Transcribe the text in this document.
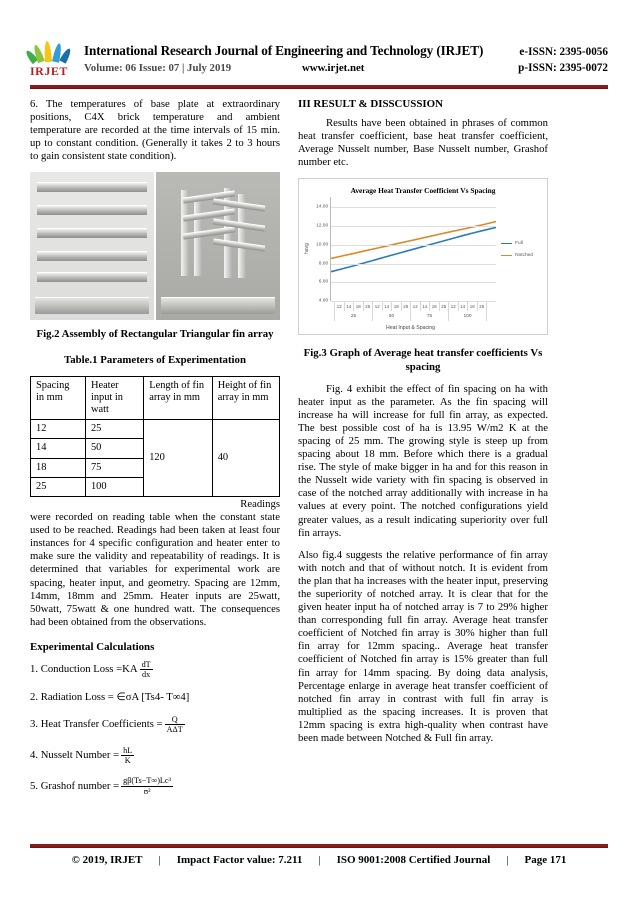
IRJET
International Research Journal of Engineering and Technology (IRJET)	e-ISSN: 2395-0056
Volume: 06 Issue: 07 | July 2019	www.irjet.net	p-ISSN: 2395-0072

6. The temperatures of base plate at extraordinary positions, C4X brick temperature and ambient temperature are recorded at the time intervals of 15 min. up to constant condition. (Generally it takes 2 to 3 hours to gain consistent state condition).

Fig.2 Assembly of Rectangular Triangular fin array

Table.1 Parameters of Experimentation

Spacing in mm	Heater input in watt	Length of fin array in mm	Height of fin array in mm
12	25	120	40
14	50		
18	75		
25	100		

Readings

were recorded on reading table when the constant state used to be reached. Readings had been taken at least four instances for 4 specific configuration and heater enter to make sure the validity and repeatability of readings. It is determined that variables for experimental work are spacing, heater input, and geometry. Spacing are 12mm, 14mm, 18mm and 25mm. Heater inputs are 25watt, 50watt, 75watt & one hundred watt. The consequences had been obtained from the observations.

Experimental Calculations

1. Conduction Loss $=KA \frac{dT}{dx}$
2. Radiation Loss = ∈σA [Ts4- T∞4]
3. Heat Transfer Coefficients = $\frac{Q}{\text{AΔT}}$
4. Nusselt Number = $\frac{hL}{K}$
5. Grashof number = $\frac{\text{gβ(Ts−T∞)Lc³}}{\text{ʊ²}}$

III RESULT & DISSCUSSION

Results have been obtained in phrases of common heat transfer coefficient, base heat transfer coefficient, Average Nusselt number, Base Nusselt number, Grashof number etc.

Average Heat Transfer Coefficient Vs Spacing
havg
4.00
6.00
8.00
10.00
12.00
14.00
Full
Notched
12	14	18	25	12	14	18	25	12	14	18	25	12	14	18	25
25	50	75	100
Heat Input & Spacing

Fig.3 Graph of Average heat transfer coefficients Vs spacing

Fig. 4 exhibit the effect of fin spacing on ha with heater input as the parameter. As the fin spacing will increase ha will increase for full fin array, as expected. The best possible cost of ha is 13.95 W/m2 K at the spacing of 25 mm. The growing style is steep up from spacing about 18 mm. Before which there is a gradual rise. The style of make bigger in ha and for this reason in the Nusselt wide variety with fin spacing is observed in case of the notched array additionally with increase in ha values at every point. The notched configurations yield greater values, as a result indicating superiority over full fin arrays.

Also fig.4 suggests the relative performance of fin array with notch and that of without notch. It is evident from the plan that ha increases with the heater input, preserving the superiority of notched array. It is clear that for the given heater input ha of notched array is 7 to 29% higher than corresponding full fin array. Average heat transfer coefficient of Notched fin array is 30% higher than full fin array for 12mm spacing.. Average heat transfer coefficient of Notched fin array is 15% greater than full fin array for 14mm spacing. By doing data analysis, Percentage enlarge in average heat transfer coefficient of notched fin array in contrast with full fin array is multiplied as the spacing increases. It is proven that 12mm spacing is extra high-quality when contrast have been made between Notched & Full fin array.

© 2019, IRJET | Impact Factor value: 7.211 | ISO 9001:2008 Certified Journal | Page 171
